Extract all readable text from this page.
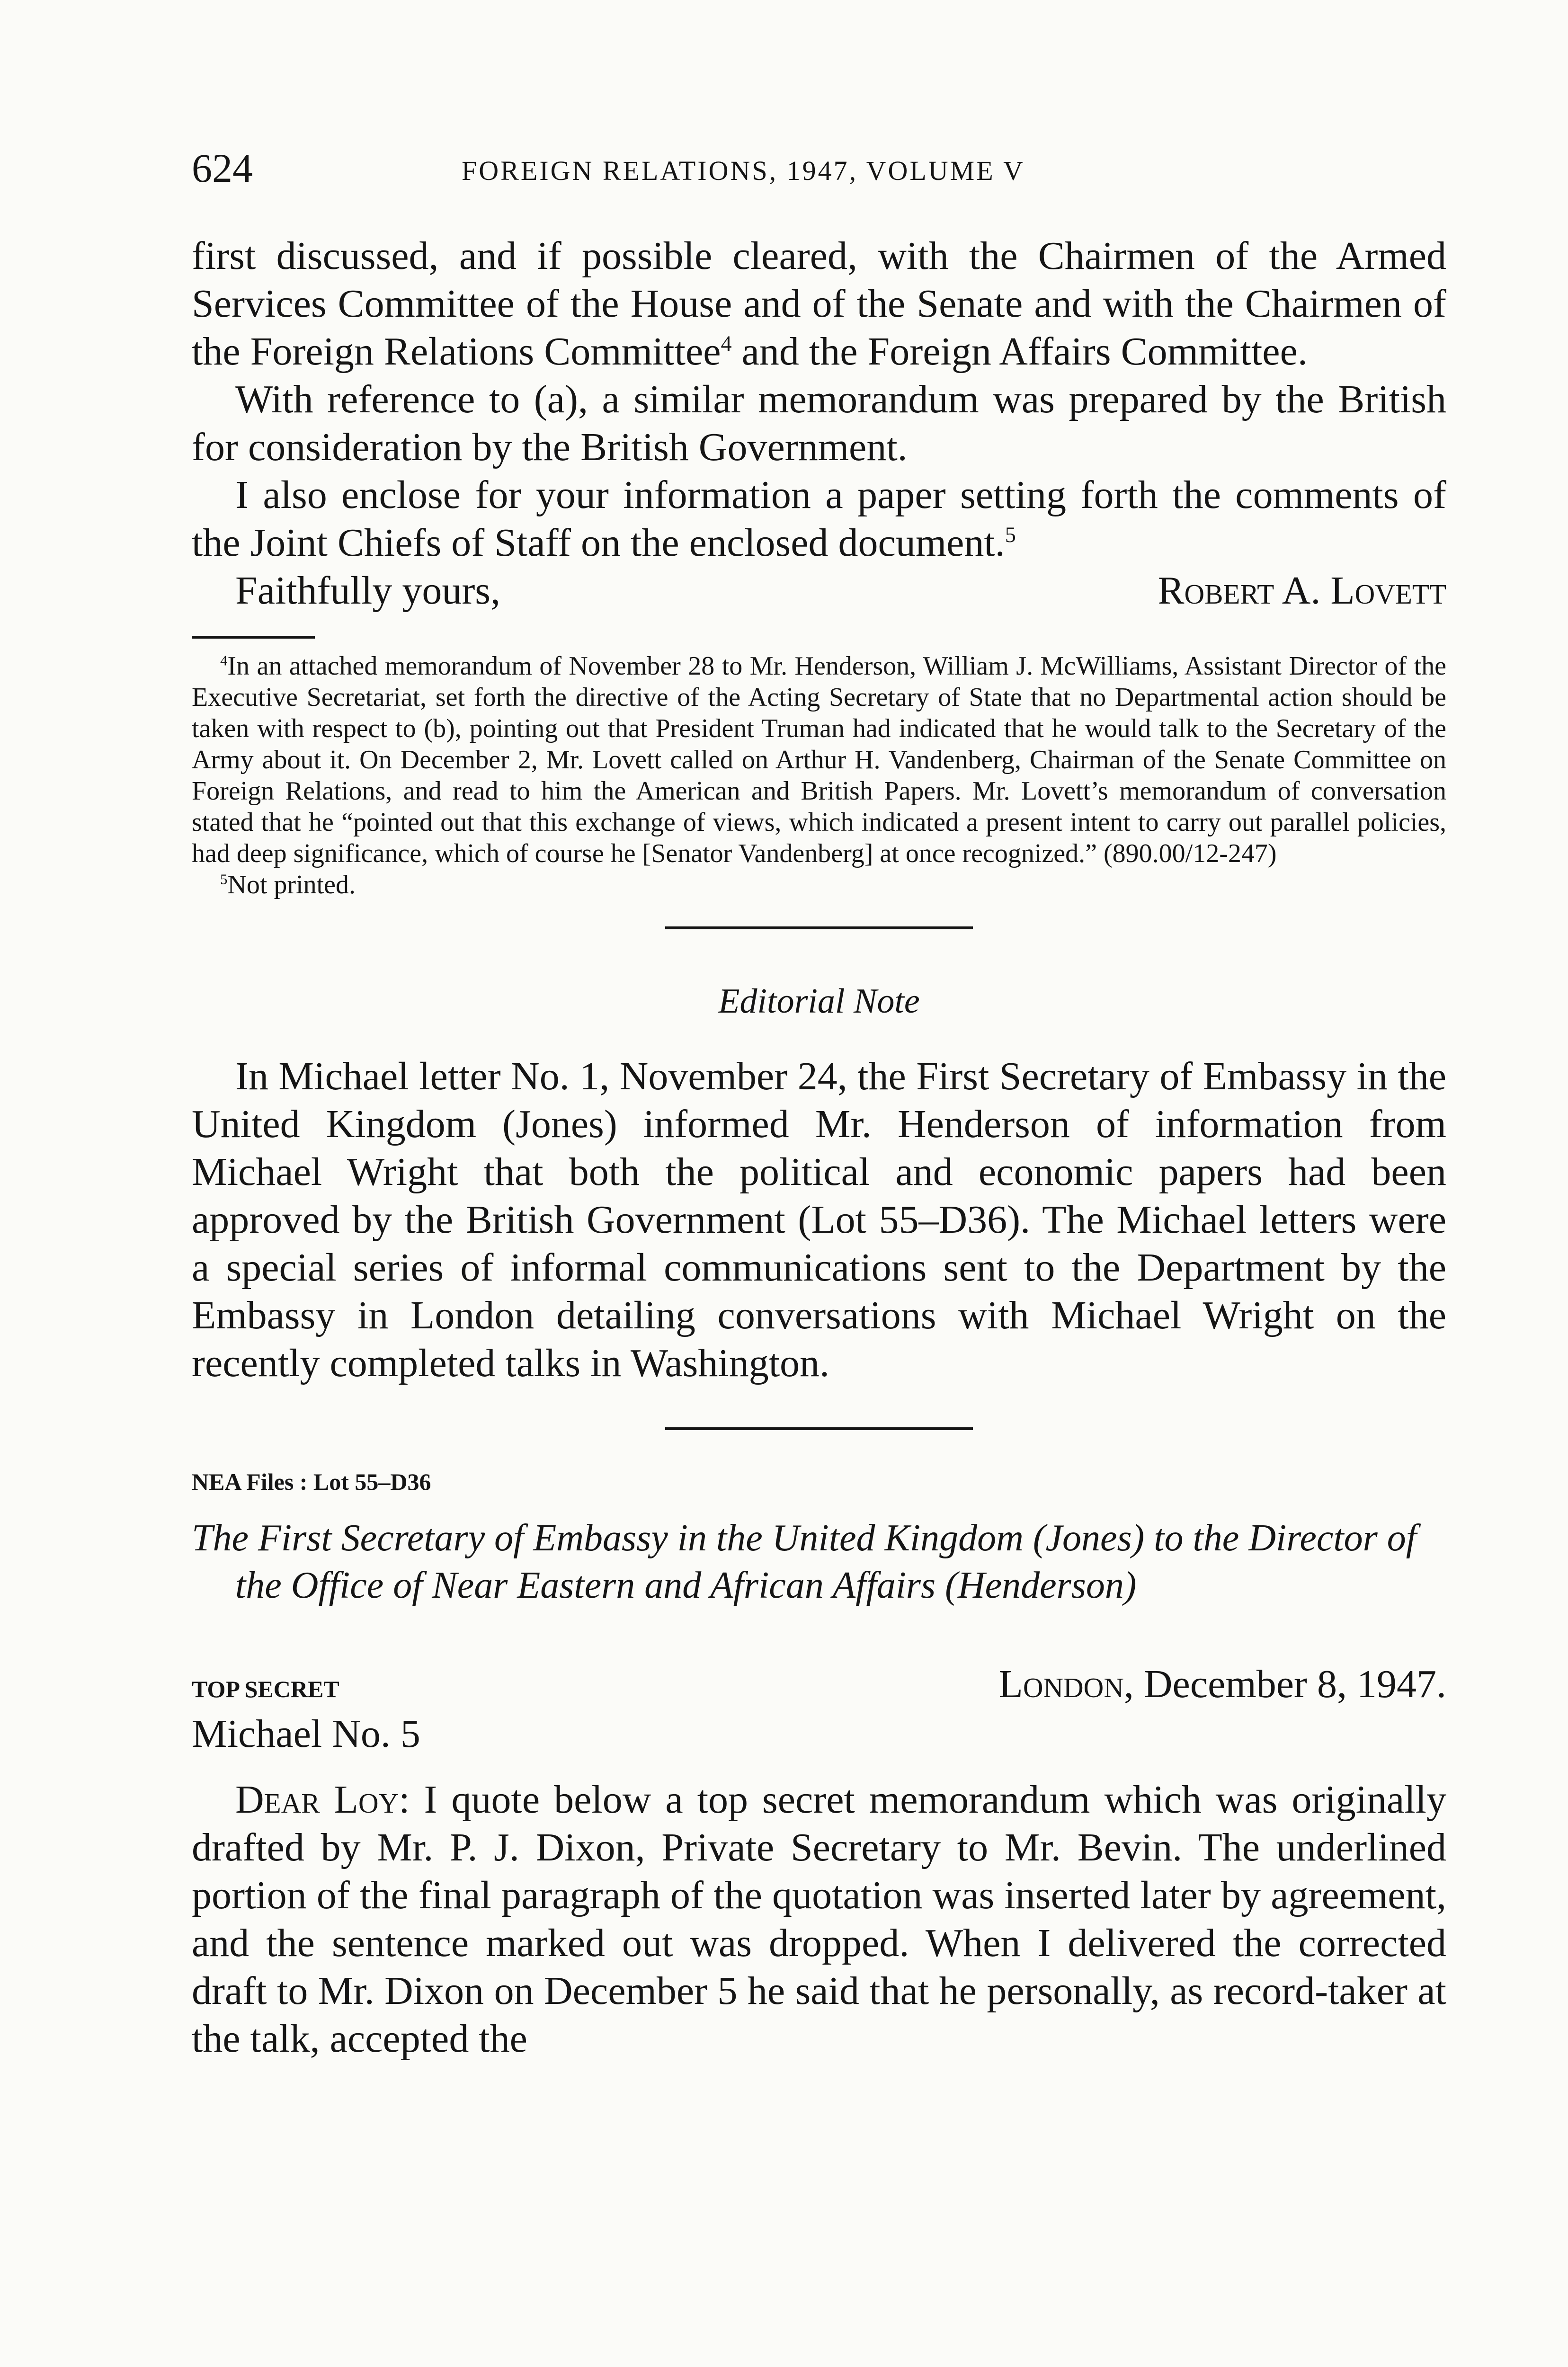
624	FOREIGN RELATIONS, 1947, VOLUME V

first discussed, and if possible cleared, with the Chairmen of the Armed Services Committee of the House and of the Senate and with the Chairmen of the Foreign Relations Committee$^4$ and the Foreign Affairs Committee.

With reference to (a), a similar memorandum was prepared by the British for consideration by the British Government.

I also enclose for your information a paper setting forth the comments of the Joint Chiefs of Staff on the enclosed document.$^5$

Faithfully yours,	Robert A. Lovett

$^4$In an attached memorandum of November 28 to Mr. Henderson, William J. McWilliams, Assistant Director of the Executive Secretariat, set forth the directive of the Acting Secretary of State that no Departmental action should be taken with respect to (b), pointing out that President Truman had indicated that he would talk to the Secretary of the Army about it. On December 2, Mr. Lovett called on Arthur H. Vandenberg, Chairman of the Senate Committee on Foreign Relations, and read to him the American and British Papers. Mr. Lovett’s memorandum of conversation stated that he “pointed out that this exchange of views, which indicated a present intent to carry out parallel policies, had deep significance, which of course he [Senator Vandenberg] at once recognized.” (890.00/12-247)

$^5$Not printed.

Editorial Note

In Michael letter No. 1, November 24, the First Secretary of Embassy in the United Kingdom (Jones) informed Mr. Henderson of information from Michael Wright that both the political and economic papers had been approved by the British Government (Lot 55–D36). The Michael letters were a special series of informal communications sent to the Department by the Embassy in London detailing conversations with Michael Wright on the recently completed talks in Washington.

NEA Files : Lot 55–D36
The First Secretary of Embassy in the United Kingdom (Jones) to the Director of the Office of Near Eastern and African Affairs (Henderson)
TOP SECRET	London, December 8, 1947.
Michael No. 5

Dear Loy: I quote below a top secret memorandum which was originally drafted by Mr. P. J. Dixon, Private Secretary to Mr. Bevin. The underlined portion of the final paragraph of the quotation was inserted later by agreement, and the sentence marked out was dropped. When I delivered the corrected draft to Mr. Dixon on December 5 he said that he personally, as record-taker at the talk, accepted the
